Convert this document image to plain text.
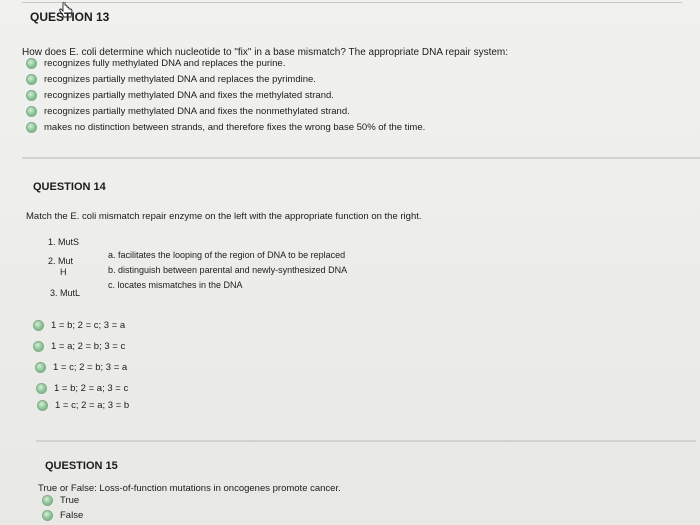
QUESTION 13
How does E. coli determine which nucleotide to "fix" in a base mismatch? The appropriate DNA repair system:
recognizes fully methylated DNA and replaces the purine.
recognizes partially methylated DNA and replaces the pyrimdine.
recognizes partially methylated DNA and fixes the methylated strand.
recognizes partially methylated DNA and fixes the nonmethylated strand.
makes no distinction between strands, and therefore fixes the wrong base 50% of the time.
QUESTION 14
Match the E. coli mismatch repair enzyme on the left with the appropriate function on the right.
1. MutS
2. Mut
H
3. MutL
a. facilitates the looping of the region of DNA to be replaced
b. distinguish between parental and newly-synthesized DNA
c. locates mismatches in the DNA
1 = b; 2 = c; 3 = a
1 = a; 2 = b; 3 = c
1 = c; 2 = b; 3 = a
1 = b; 2 = a; 3 = c
1 = c; 2 = a; 3 = b
QUESTION 15
True or False: Loss-of-function mutations in oncogenes promote cancer.
True
False
